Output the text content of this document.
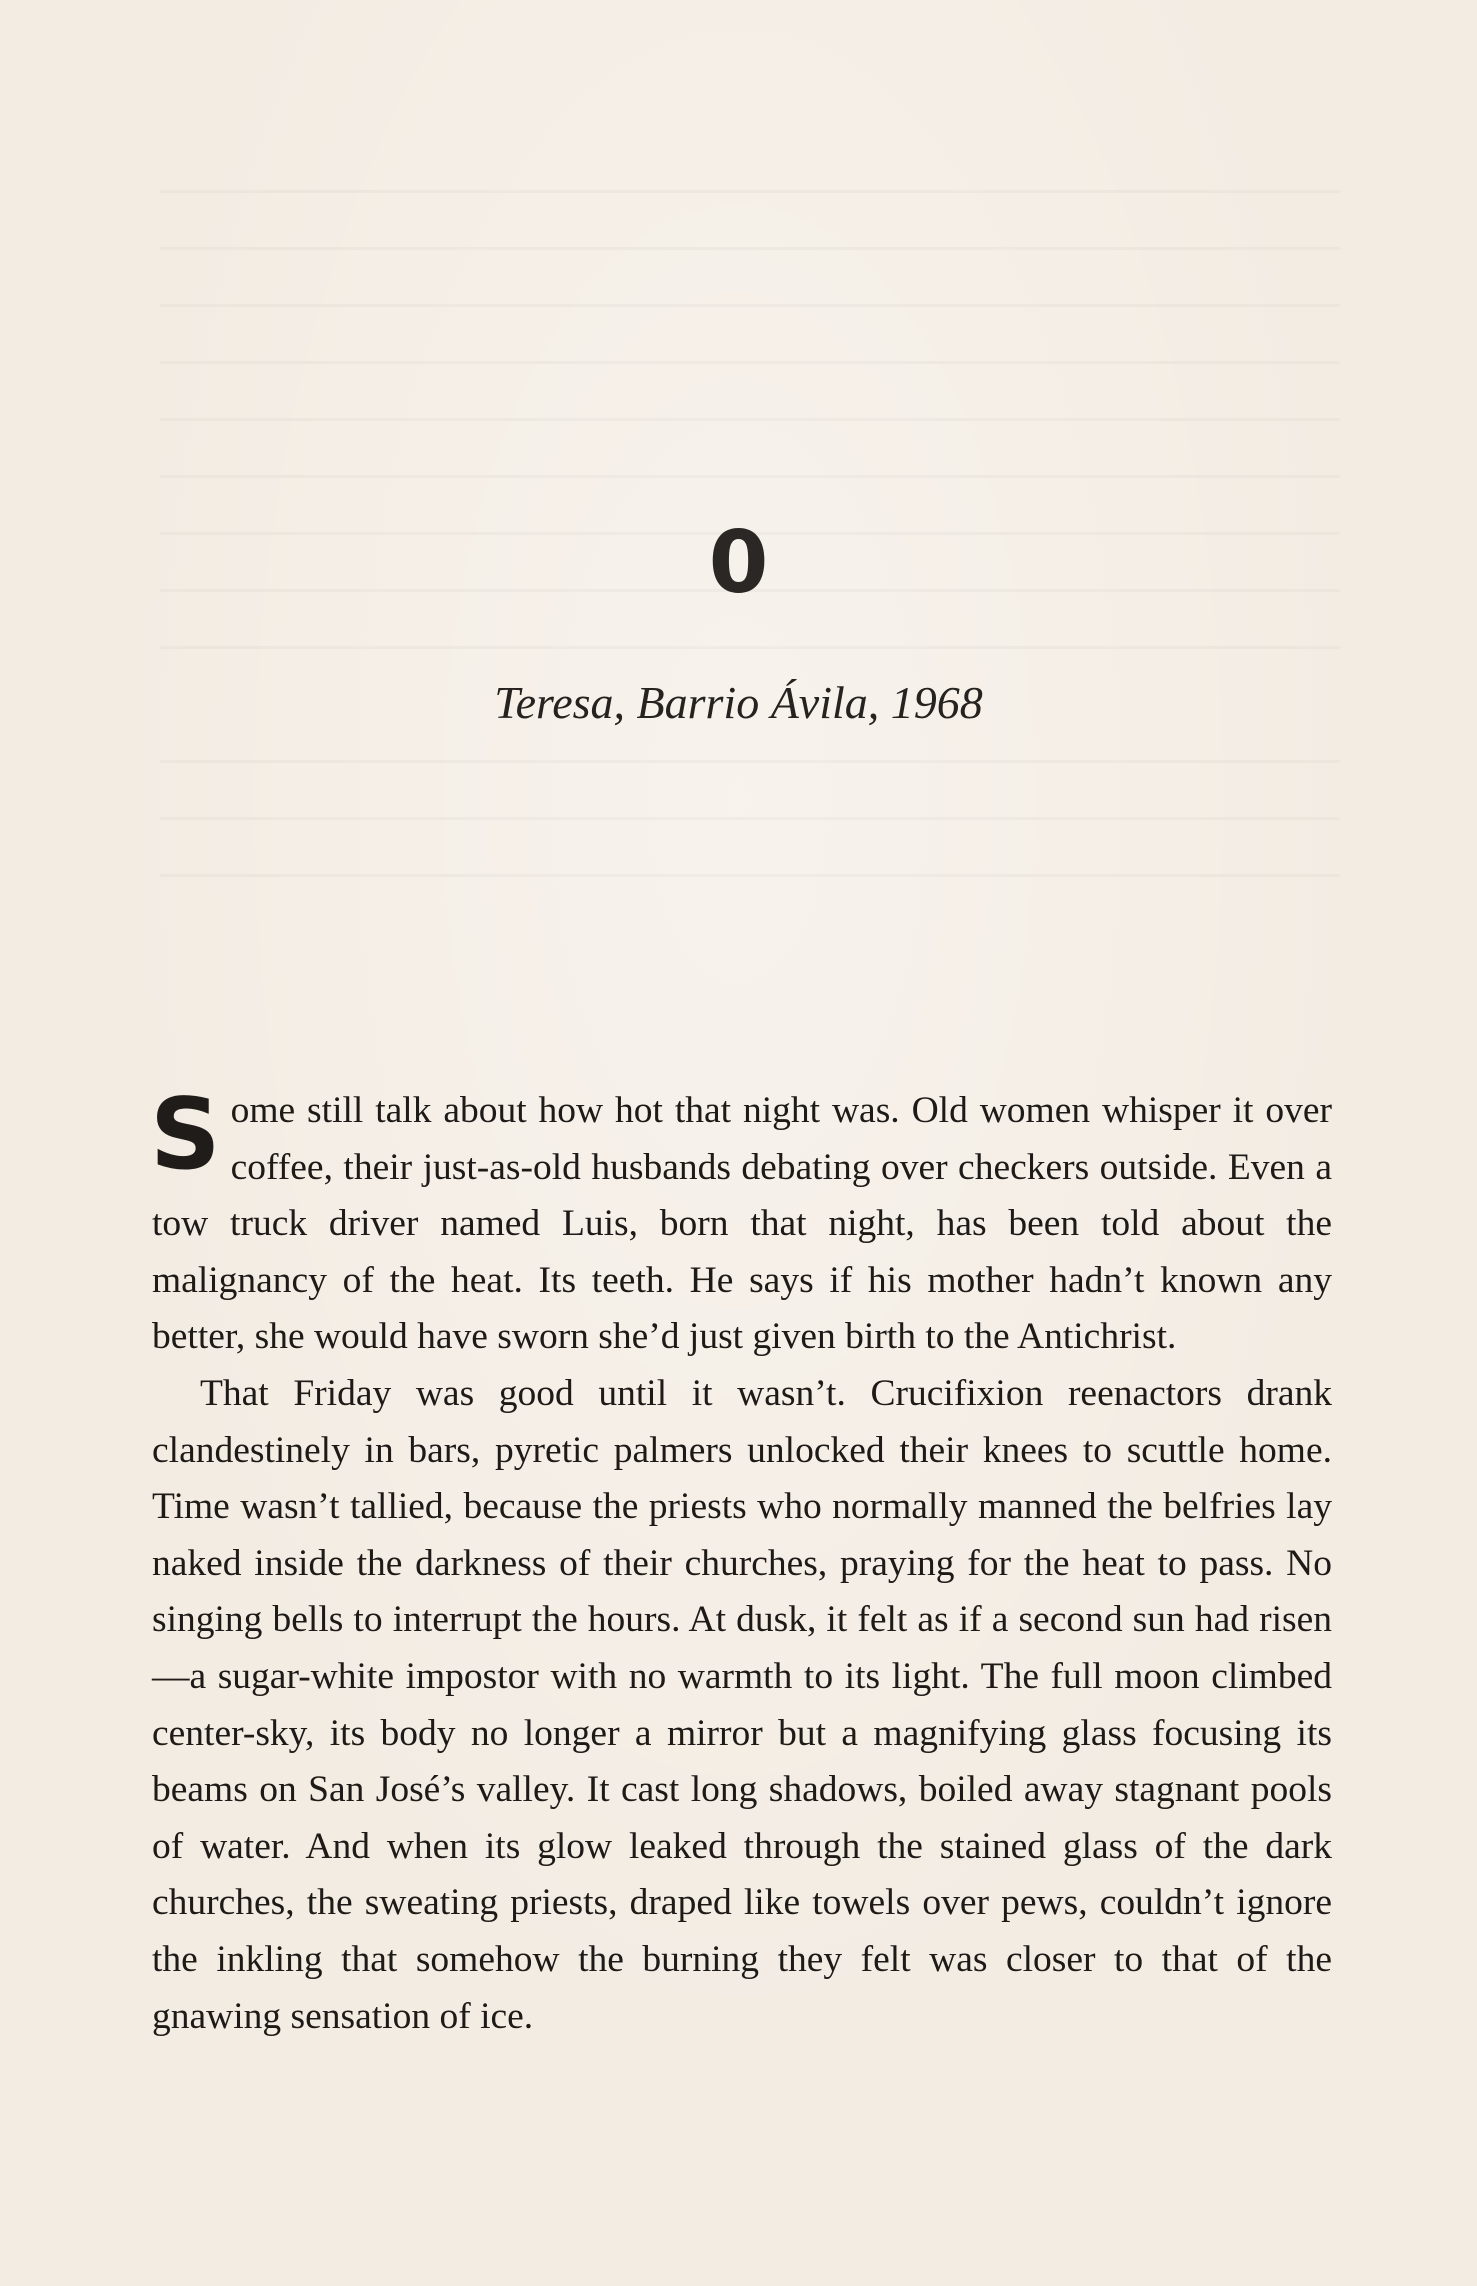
0
Teresa, Barrio Ávila, 1968

Some still talk about how hot that night was. Old women whisper it over coffee, their just-as-old husbands debating over checkers outside. Even a tow truck driver named Luis, born that night, has been told about the malignancy of the heat. Its teeth. He says if his mother hadn’t known any better, she would have sworn she’d just given birth to the Antichrist.

That Friday was good until it wasn’t. Crucifixion reenactors drank clandestinely in bars, pyretic palmers unlocked their knees to scuttle home. Time wasn’t tallied, because the priests who normally manned the belfries lay naked inside the darkness of their churches, praying for the heat to pass. No singing bells to interrupt the hours. At dusk, it felt as if a second sun had risen—a sugar-white impostor with no warmth to its light. The full moon climbed center-sky, its body no longer a mirror but a magnifying glass focusing its beams on San José’s valley. It cast long shadows, boiled away stagnant pools of water. And when its glow leaked through the stained glass of the dark churches, the sweating priests, draped like towels over pews, couldn’t ignore the inkling that somehow the burning they felt was closer to that of the gnawing sensation of ice.
